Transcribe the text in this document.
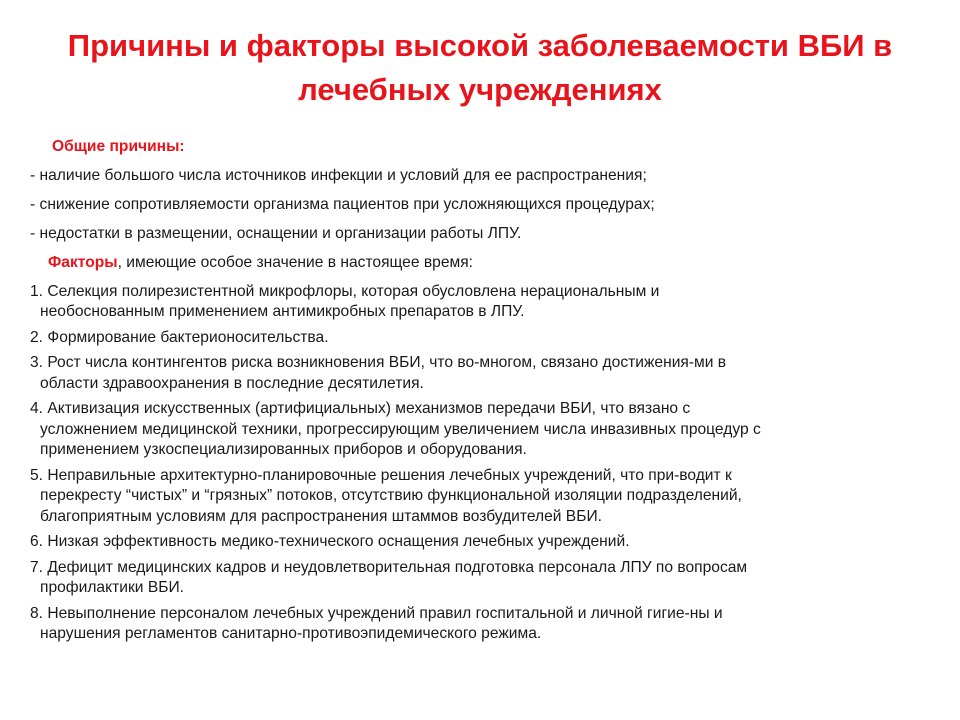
Причины и факторы высокой заболеваемости ВБИ в
лечебных учреждениях
Общие причины:
- наличие большого числа источников инфекции и условий для ее распространения;
- снижение сопротивляемости организма пациентов при усложняющихся процедурах;
- недостатки в размещении, оснащении и организации работы ЛПУ.
Факторы, имеющие особое значение в настоящее время:
1. Селекция полирезистентной микрофлоры, которая обусловлена нерациональным и
необоснованным применением антимикробных препаратов в ЛПУ.
2. Формирование бактерионосительства.
3. Рост числа контингентов риска возникновения ВБИ, что во-многом, связано достижения-ми в
области здравоохранения в последние десятилетия.
4. Активизация искусственных (артифициальных) механизмов передачи ВБИ, что вязано с
усложнением медицинской техники, прогрессирующим увеличением числа инвазивных процедур с
применением узкоспециализированных приборов и оборудования.
5. Неправильные архитектурно-планировочные решения лечебных учреждений, что при-водит к
перекресту “чистых” и “грязных” потоков, отсутствию функциональной изоляции подразделений,
благоприятным условиям для распространения штаммов возбудителей ВБИ.
6. Низкая эффективность медико-технического оснащения лечебных учреждений.
7. Дефицит медицинских кадров и неудовлетворительная подготовка персонала ЛПУ по вопросам
профилактики ВБИ.
8. Невыполнение персоналом лечебных учреждений правил госпитальной и личной гигие-ны и
нарушения регламентов санитарно-противоэпидемического режима.
